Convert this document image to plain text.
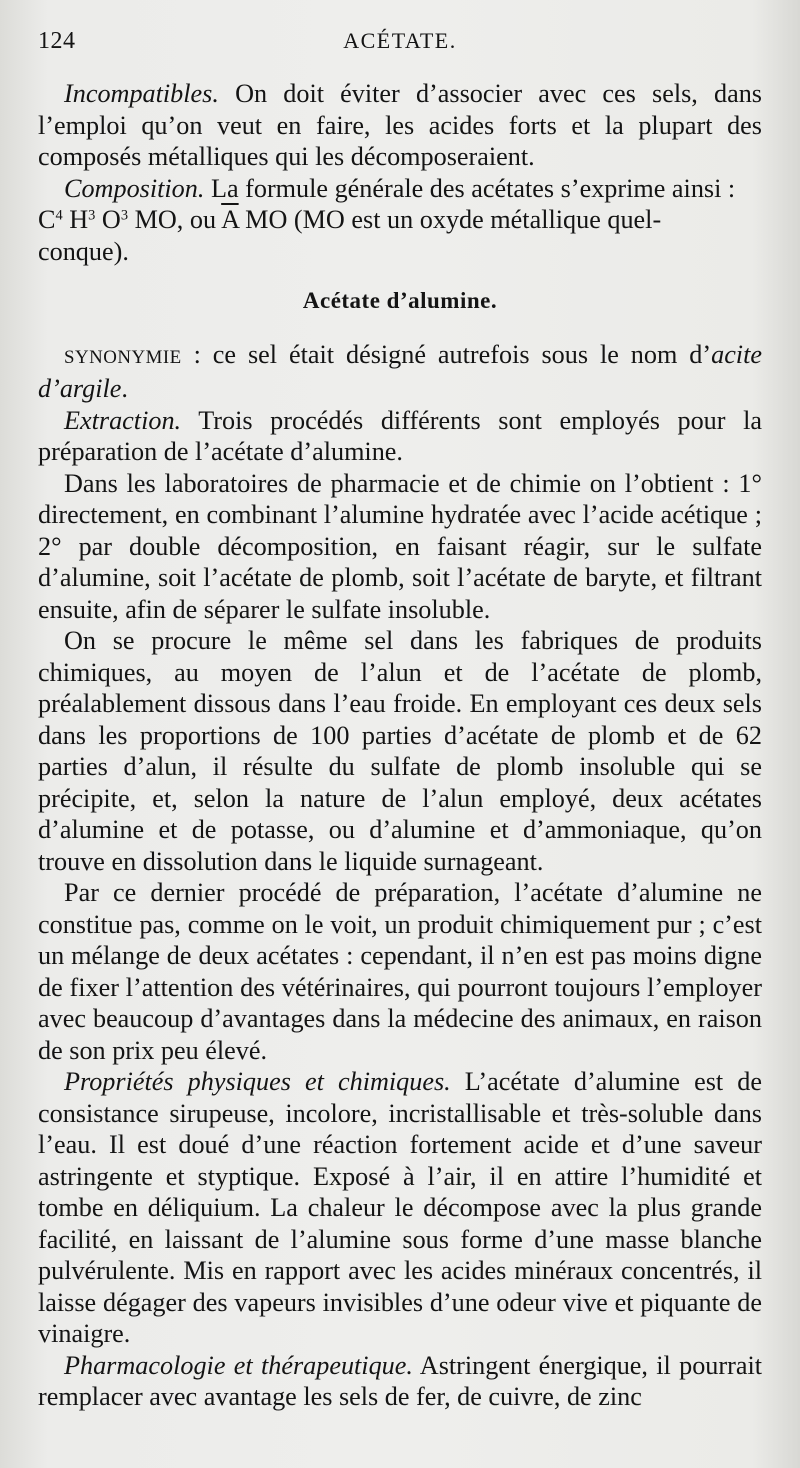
124	ACÉTATE.

Incompatibles. On doit éviter d’associer avec ces sels, dans l’emploi qu’on veut en faire, les acides forts et la plupart des composés métalliques qui les décomposeraient.

Composition. La formule générale des acétates s’exprime ainsi :
$C^4$ $H^3$ $O^3$ MO, ou $\overline{A}$ MO (MO est un oxyde métallique quel-
conque).

Acétate d’alumine.

SYNONYMIE : ce sel était désigné autrefois sous le nom d’acite d’argile.

Extraction. Trois procédés différents sont employés pour la préparation de l’acétate d’alumine.

Dans les laboratoires de pharmacie et de chimie on l’obtient : 1° directement, en combinant l’alumine hydratée avec l’acide acétique ; 2° par double décomposition, en faisant réagir, sur le sulfate d’alumine, soit l’acétate de plomb, soit l’acétate de baryte, et filtrant ensuite, afin de séparer le sulfate insoluble.

On se procure le même sel dans les fabriques de produits chimiques, au moyen de l’alun et de l’acétate de plomb, préalablement dissous dans l’eau froide. En employant ces deux sels dans les proportions de 100 parties d’acétate de plomb et de 62 parties d’alun, il résulte du sulfate de plomb insoluble qui se précipite, et, selon la nature de l’alun employé, deux acétates d’alumine et de potasse, ou d’alumine et d’ammoniaque, qu’on trouve en dissolution dans le liquide surnageant.

Par ce dernier procédé de préparation, l’acétate d’alumine ne constitue pas, comme on le voit, un produit chimiquement pur ; c’est un mélange de deux acétates : cependant, il n’en est pas moins digne de fixer l’attention des vétérinaires, qui pourront toujours l’employer avec beaucoup d’avantages dans la médecine des animaux, en raison de son prix peu élevé.

Propriétés physiques et chimiques. L’acétate d’alumine est de consistance sirupeuse, incolore, incristallisable et très-soluble dans l’eau. Il est doué d’une réaction fortement acide et d’une saveur astringente et styptique. Exposé à l’air, il en attire l’humidité et tombe en déliquium. La chaleur le décompose avec la plus grande facilité, en laissant de l’alumine sous forme d’une masse blanche pulvérulente. Mis en rapport avec les acides minéraux concentrés, il laisse dégager des vapeurs invisibles d’une odeur vive et piquante de vinaigre.

Pharmacologie et thérapeutique. Astringent énergique, il pourrait remplacer avec avantage les sels de fer, de cuivre, de zinc
